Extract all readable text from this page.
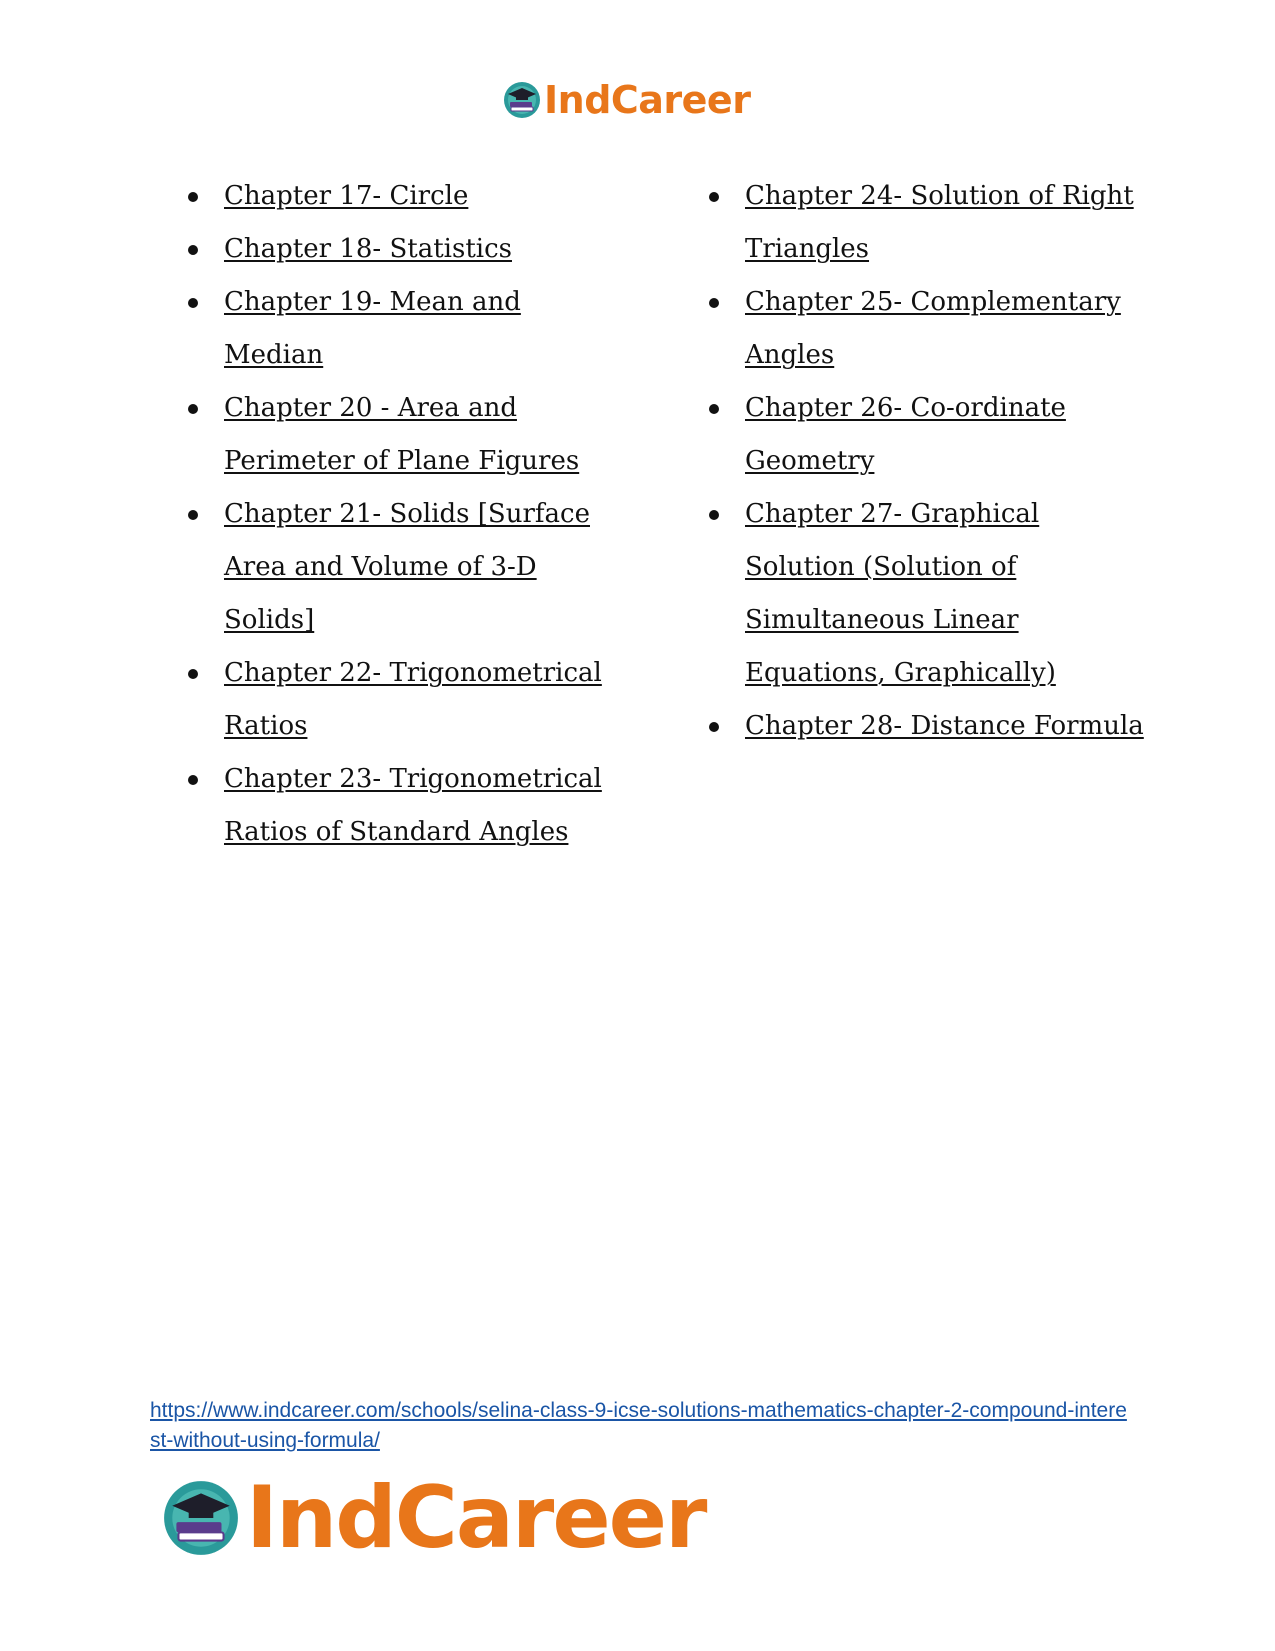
IndCareer
Chapter 17- Circle
Chapter 18- Statistics
Chapter 19- Mean and Median
Chapter 20 - Area and Perimeter of Plane Figures
Chapter 21- Solids [Surface Area and Volume of 3-D Solids]
Chapter 22- Trigonometrical Ratios
Chapter 23- Trigonometrical Ratios of Standard Angles
Chapter 24- Solution of Right Triangles
Chapter 25- Complementary Angles
Chapter 26- Co-ordinate Geometry
Chapter 27- Graphical Solution (Solution of Simultaneous Linear Equations, Graphically)
Chapter 28- Distance Formula
https://www.indcareer.com/schools/selina-class-9-icse-solutions-mathematics-chapter-2-compound-interest-without-using-formula/
IndCareer
